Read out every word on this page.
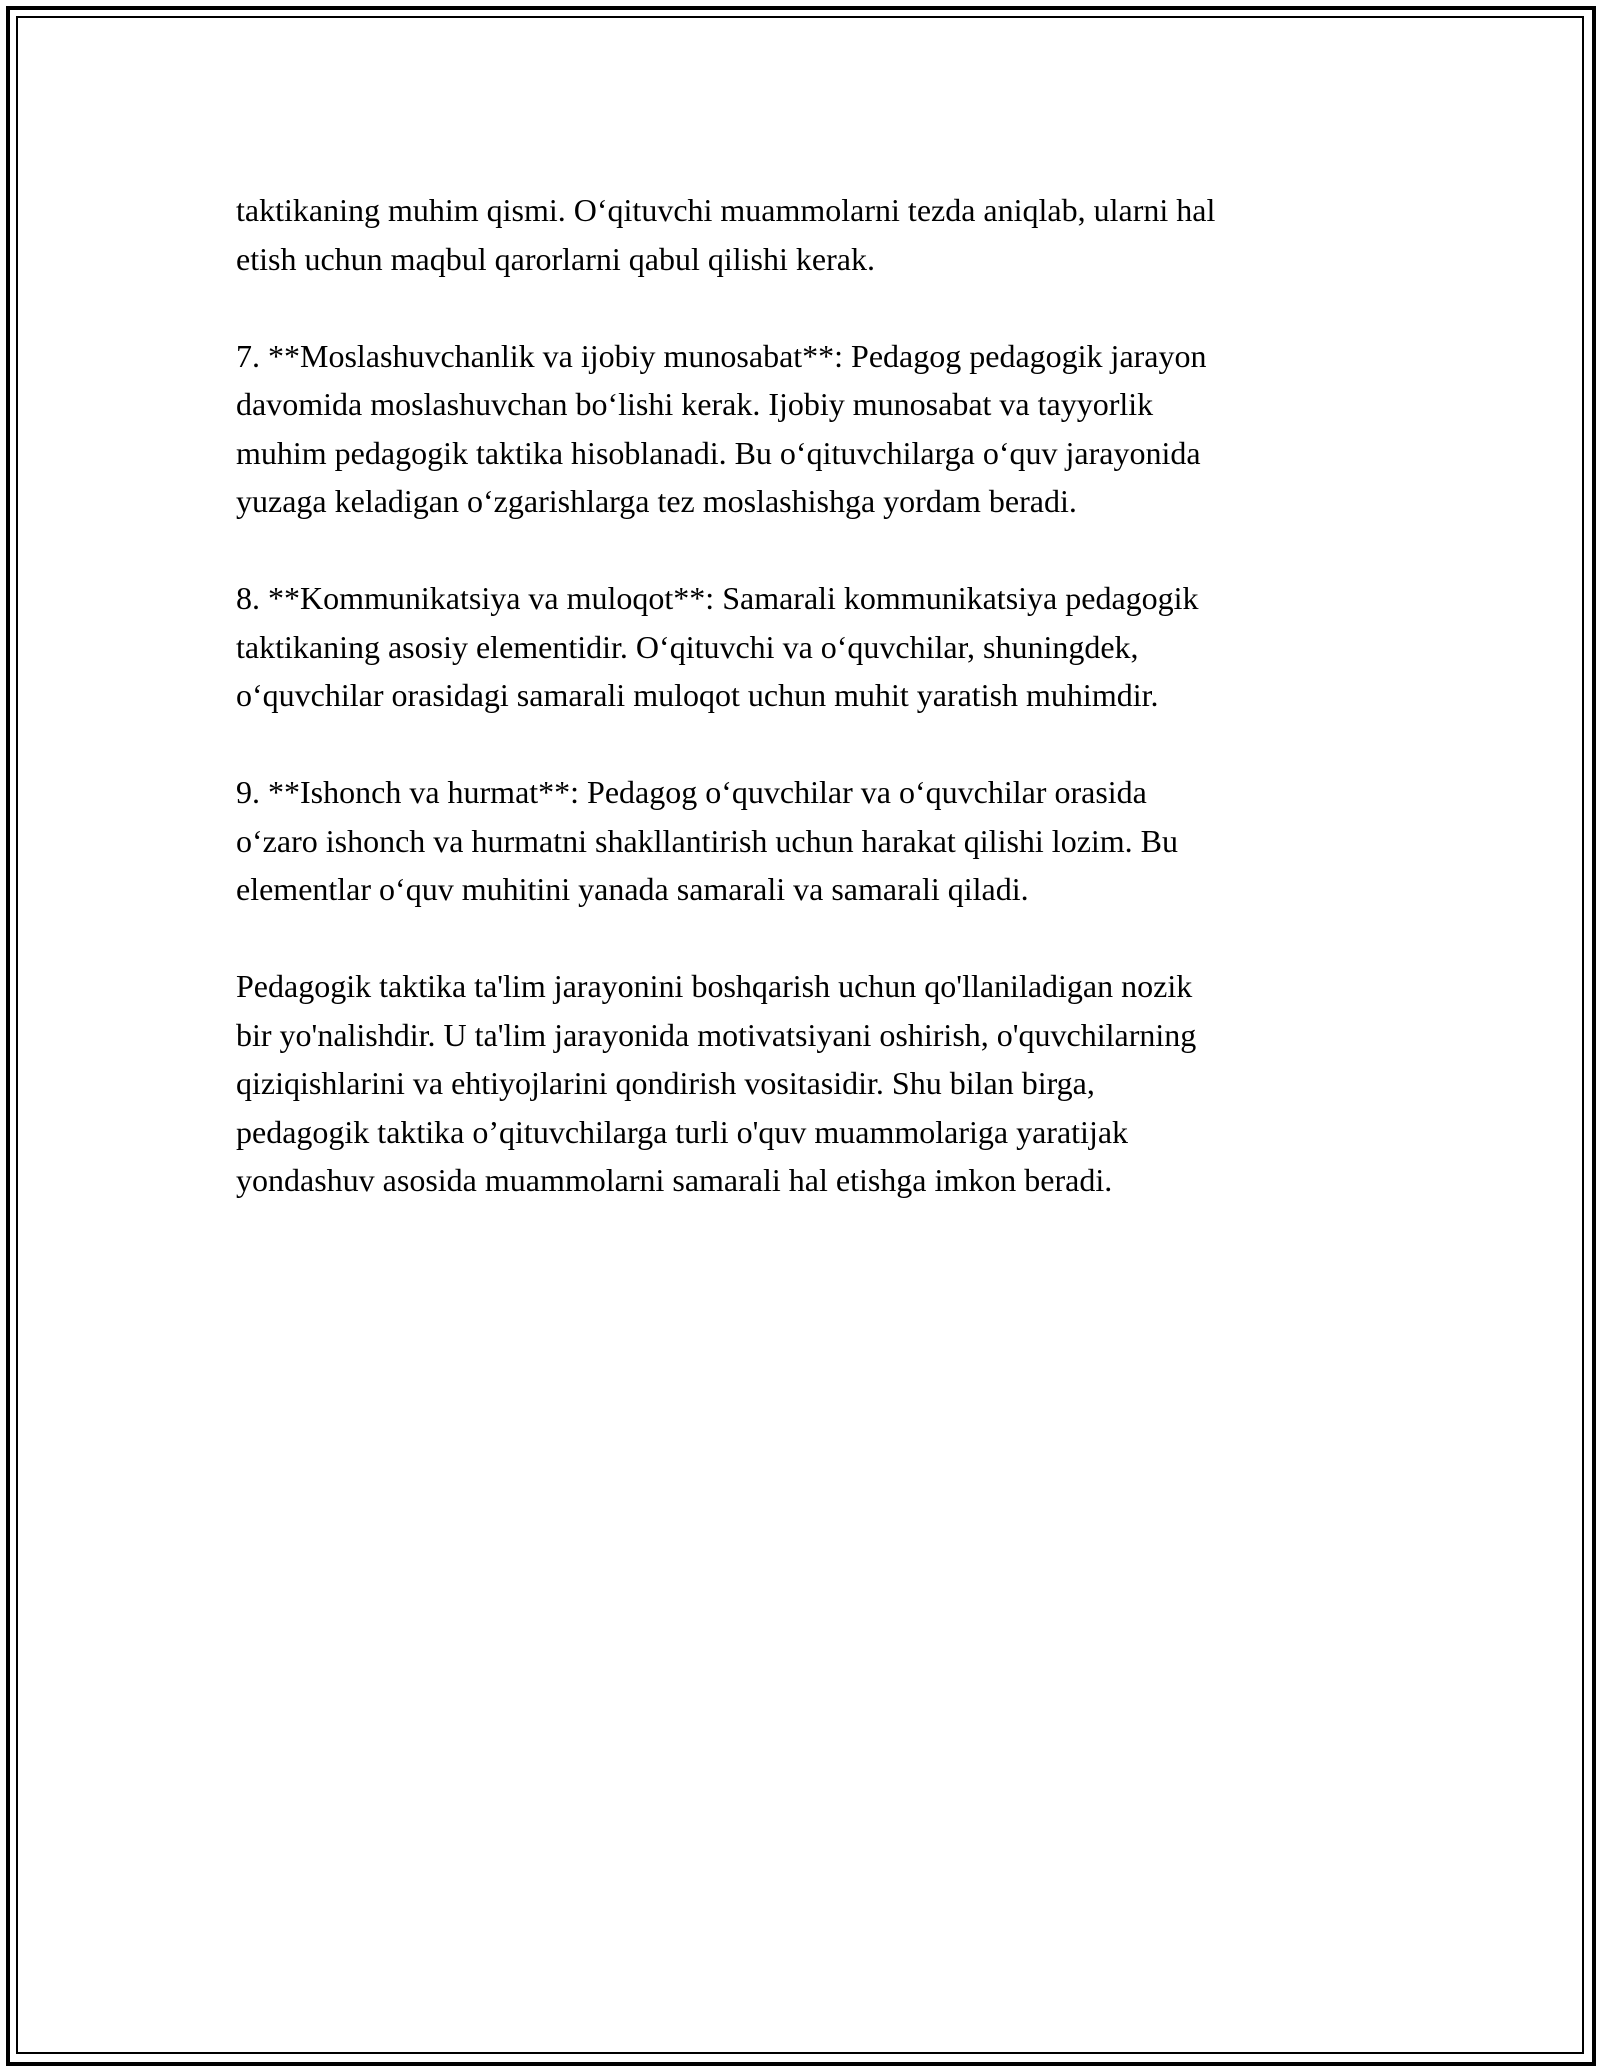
taktikaning muhim qismi. O‘qituvchi muammolarni tezda aniqlab, ularni hal
etish uchun maqbul qarorlarni qabul qilishi kerak.

7. **Moslashuvchanlik va ijobiy munosabat**: Pedagog pedagogik jarayon
davomida moslashuvchan bo‘lishi kerak. Ijobiy munosabat va tayyorlik
muhim pedagogik taktika hisoblanadi. Bu o‘qituvchilarga o‘quv jarayonida
yuzaga keladigan o‘zgarishlarga tez moslashishga yordam beradi.

8. **Kommunikatsiya va muloqot**: Samarali kommunikatsiya pedagogik
taktikaning asosiy elementidir. O‘qituvchi va o‘quvchilar, shuningdek,
o‘quvchilar orasidagi samarali muloqot uchun muhit yaratish muhimdir.

9. **Ishonch va hurmat**: Pedagog o‘quvchilar va o‘quvchilar orasida
o‘zaro ishonch va hurmatni shakllantirish uchun harakat qilishi lozim. Bu
elementlar o‘quv muhitini yanada samarali va samarali qiladi.

Pedagogik taktika ta'lim jarayonini boshqarish uchun qo'llaniladigan nozik
bir yo'nalishdir. U ta'lim jarayonida motivatsiyani oshirish, o'quvchilarning
qiziqishlarini va ehtiyojlarini qondirish vositasidir. Shu bilan birga,
pedagogik taktika o’qituvchilarga turli o'quv muammolariga yaratijak
yondashuv asosida muammolarni samarali hal etishga imkon beradi.
